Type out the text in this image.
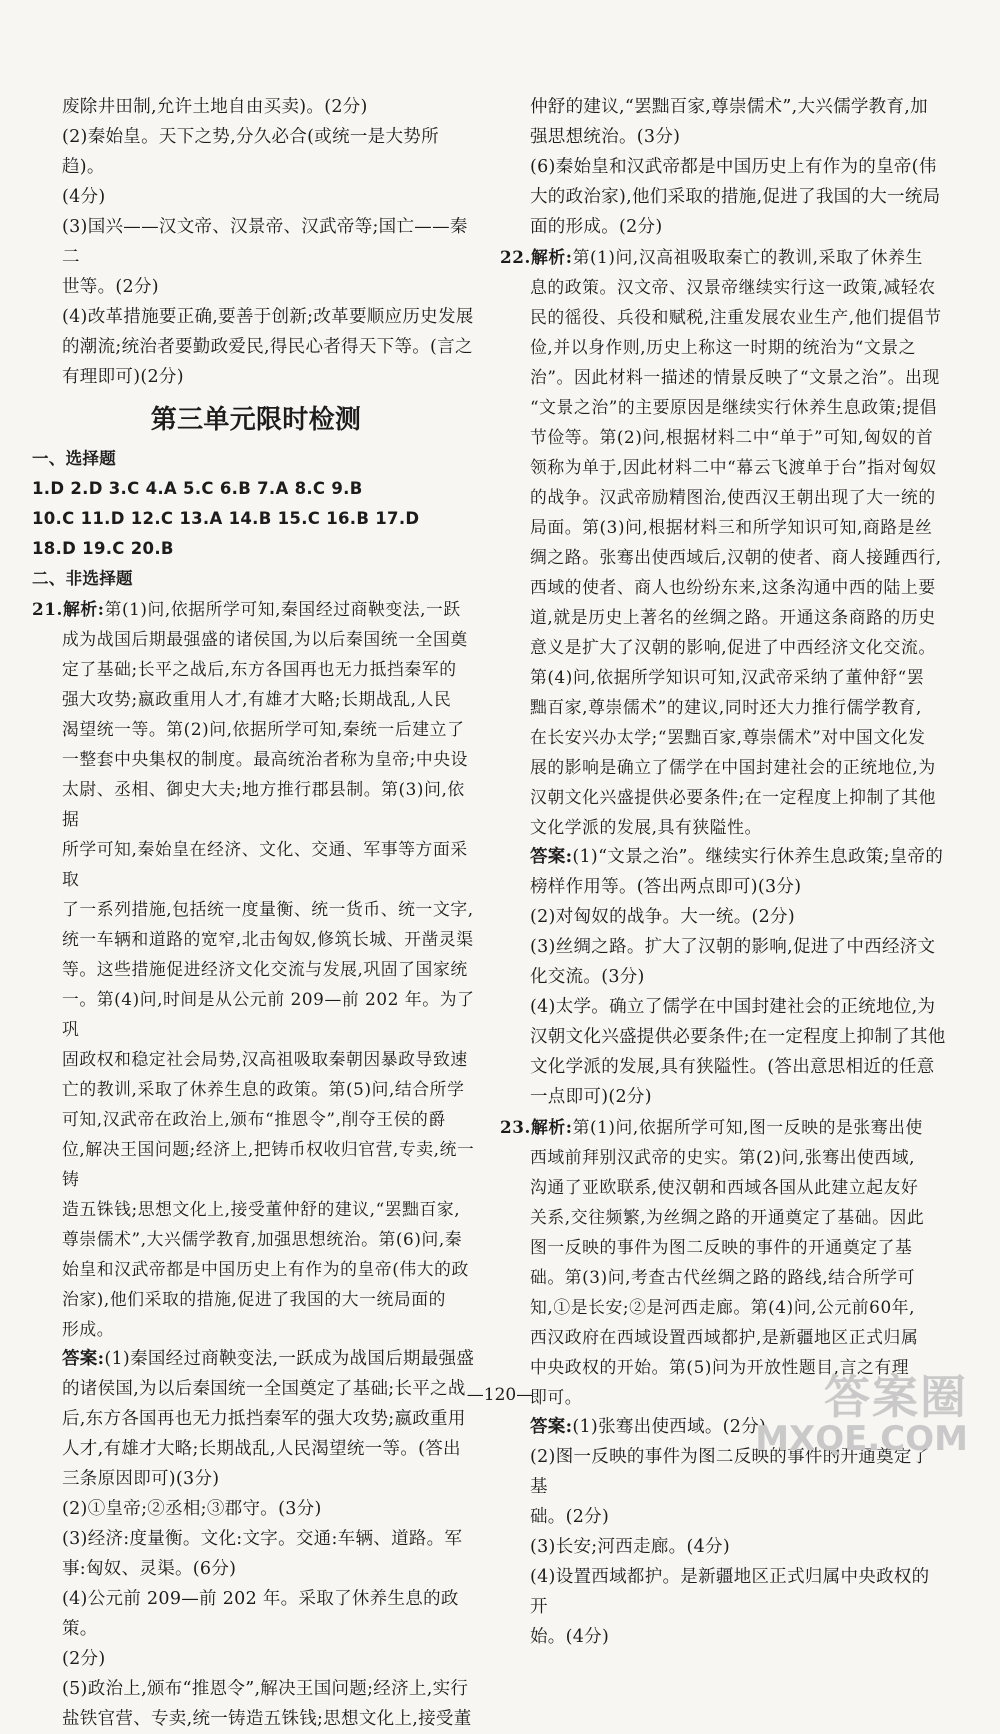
废除井田制,允许土地自由买卖)。(2分)

(2)秦始皇。天下之势,分久必合(或统一是大势所趋)。

(4分)

(3)国兴——汉文帝、汉景帝、汉武帝等;国亡——秦二

世等。(2分)

(4)改革措施要正确,要善于创新;改革要顺应历史发展

的潮流;统治者要勤政爱民,得民心者得天下等。(言之

有理即可)(2分)

第三单元限时检测
一、选择题

1.D 2.D 3.C 4.A 5.C 6.B 7.A 8.C 9.B

10.C 11.D 12.C 13.A 14.B 15.C 16.B 17.D

18.D 19.C 20.B

二、非选择题

21.解析:第(1)问,依据所学可知,秦国经过商鞅变法,一跃

成为战国后期最强盛的诸侯国,为以后秦国统一全国奠

定了基础;长平之战后,东方各国再也无力抵挡秦军的

强大攻势;嬴政重用人才,有雄才大略;长期战乱,人民

渴望统一等。第(2)问,依据所学可知,秦统一后建立了

一整套中央集权的制度。最高统治者称为皇帝;中央设

太尉、丞相、御史大夫;地方推行郡县制。第(3)问,依据

所学可知,秦始皇在经济、文化、交通、军事等方面采取

了一系列措施,包括统一度量衡、统一货币、统一文字,

统一车辆和道路的宽窄,北击匈奴,修筑长城、开凿灵渠

等。这些措施促进经济文化交流与发展,巩固了国家统

一。第(4)问,时间是从公元前 209—前 202 年。为了巩

固政权和稳定社会局势,汉高祖吸取秦朝因暴政导致速

亡的教训,采取了休养生息的政策。第(5)问,结合所学

可知,汉武帝在政治上,颁布“推恩令”,削夺王侯的爵

位,解决王国问题;经济上,把铸币权收归官营,专卖,统一铸

造五铢钱;思想文化上,接受董仲舒的建议,“罢黜百家,

尊崇儒术”,大兴儒学教育,加强思想统治。第(6)问,秦

始皇和汉武帝都是中国历史上有作为的皇帝(伟大的政

治家),他们采取的措施,促进了我国的大一统局面的

形成。

答案:(1)秦国经过商鞅变法,一跃成为战国后期最强盛

的诸侯国,为以后秦国统一全国奠定了基础;长平之战

后,东方各国再也无力抵挡秦军的强大攻势;嬴政重用

人才,有雄才大略;长期战乱,人民渴望统一等。(答出

三条原因即可)(3分)

(2)①皇帝;②丞相;③郡守。(3分)

(3)经济:度量衡。文化:文字。交通:车辆、道路。军

事:匈奴、灵渠。(6分)

(4)公元前 209—前 202 年。采取了休养生息的政策。

(2分)

(5)政治上,颁布“推恩令”,解决王国问题;经济上,实行

盐铁官营、专卖,统一铸造五铢钱;思想文化上,接受董

仲舒的建议,“罢黜百家,尊崇儒术”,大兴儒学教育,加

强思想统治。(3分)

(6)秦始皇和汉武帝都是中国历史上有作为的皇帝(伟

大的政治家),他们采取的措施,促进了我国的大一统局

面的形成。(2分)

22.解析:第(1)问,汉高祖吸取秦亡的教训,采取了休养生

息的政策。汉文帝、汉景帝继续实行这一政策,减轻农

民的徭役、兵役和赋税,注重发展农业生产,他们提倡节

俭,并以身作则,历史上称这一时期的统治为“文景之

治”。因此材料一描述的情景反映了“文景之治”。出现

“文景之治”的主要原因是继续实行休养生息政策;提倡

节俭等。第(2)问,根据材料二中“单于”可知,匈奴的首

领称为单于,因此材料二中“幕云飞渡单于台”指对匈奴

的战争。汉武帝励精图治,使西汉王朝出现了大一统的

局面。第(3)问,根据材料三和所学知识可知,商路是丝

绸之路。张骞出使西域后,汉朝的使者、商人接踵西行,

西域的使者、商人也纷纷东来,这条沟通中西的陆上要

道,就是历史上著名的丝绸之路。开通这条商路的历史

意义是扩大了汉朝的影响,促进了中西经济文化交流。

第(4)问,依据所学知识可知,汉武帝采纳了董仲舒“罢

黜百家,尊崇儒术”的建议,同时还大力推行儒学教育,

在长安兴办太学;“罢黜百家,尊崇儒术”对中国文化发

展的影响是确立了儒学在中国封建社会的正统地位,为

汉朝文化兴盛提供必要条件;在一定程度上抑制了其他

文化学派的发展,具有狭隘性。

答案:(1)“文景之治”。继续实行休养生息政策;皇帝的

榜样作用等。(答出两点即可)(3分)

(2)对匈奴的战争。大一统。(2分)

(3)丝绸之路。扩大了汉朝的影响,促进了中西经济文

化交流。(3分)

(4)太学。确立了儒学在中国封建社会的正统地位,为

汉朝文化兴盛提供必要条件;在一定程度上抑制了其他

文化学派的发展,具有狭隘性。(答出意思相近的任意

一点即可)(2分)

23.解析:第(1)问,依据所学可知,图一反映的是张骞出使

西域前拜别汉武帝的史实。第(2)问,张骞出使西域,

沟通了亚欧联系,使汉朝和西域各国从此建立起友好

关系,交往频繁,为丝绸之路的开通奠定了基础。因此

图一反映的事件为图二反映的事件的开通奠定了基

础。第(3)问,考查古代丝绸之路的路线,结合所学可

知,①是长安;②是河西走廊。第(4)问,公元前60年,

西汉政府在西域设置西域都护,是新疆地区正式归属

中央政权的开始。第(5)问为开放性题目,言之有理

即可。

答案:(1)张骞出使西域。(2分)

(2)图一反映的事件为图二反映的事件的开通奠定了基

础。(2分)

(3)长安;河西走廊。(4分)

(4)设置西域都护。是新疆地区正式归属中央政权的开

始。(4分)

—120—	答案圈
MXQE.COM
